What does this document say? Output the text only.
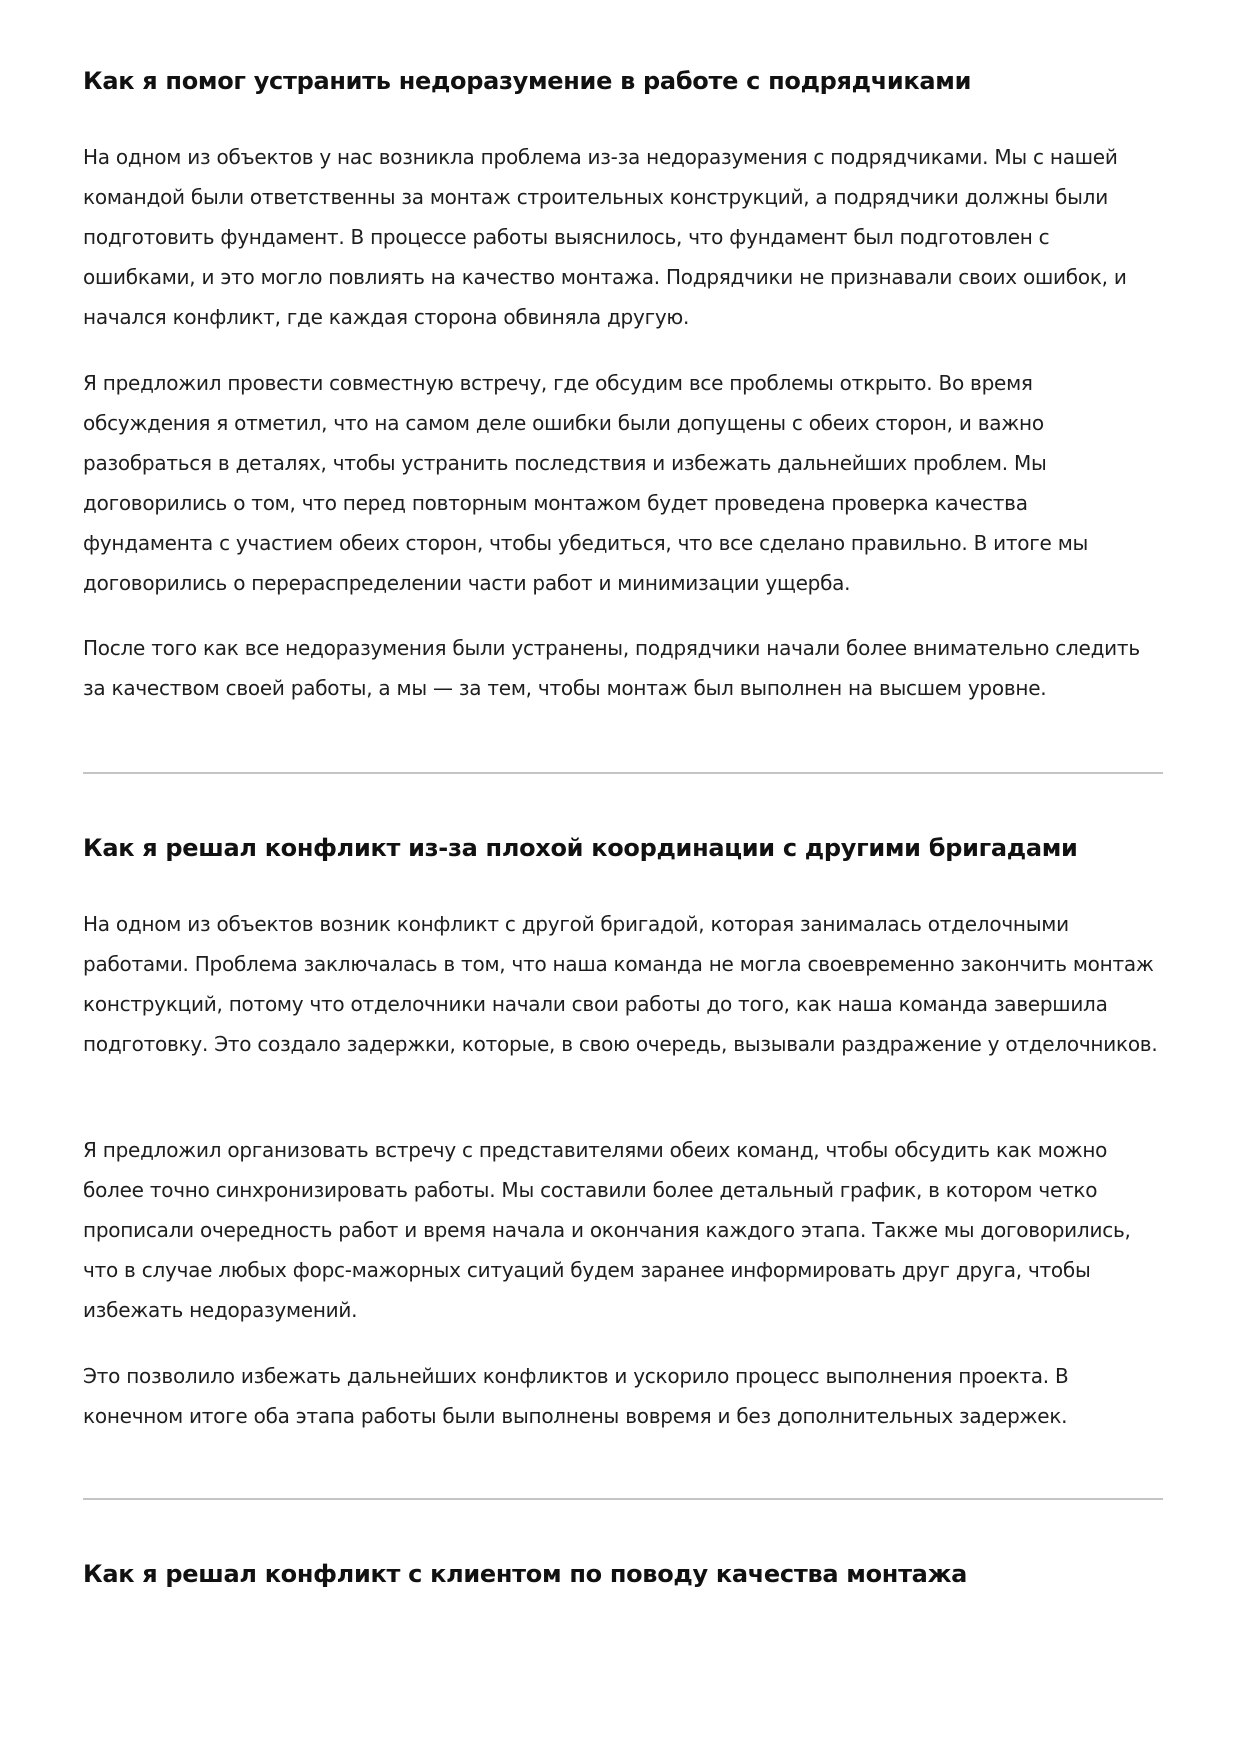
Как я помог устранить недоразумение в работе с подрядчиками

На одном из объектов у нас возникла проблема из-за недоразумения с подрядчиками. Мы с нашей командой были ответственны за монтаж строительных конструкций, а подрядчики должны были подготовить фундамент. В процессе работы выяснилось, что фундамент был подготовлен с ошибками, и это могло повлиять на качество монтажа. Подрядчики не признавали своих ошибок, и начался конфликт, где каждая сторона обвиняла другую.

Я предложил провести совместную встречу, где обсудим все проблемы открыто. Во время обсуждения я отметил, что на самом деле ошибки были допущены с обеих сторон, и важно разобраться в деталях, чтобы устранить последствия и избежать дальнейших проблем. Мы договорились о том, что перед повторным монтажом будет проведена проверка качества фундамента с участием обеих сторон, чтобы убедиться, что все сделано правильно. В итоге мы договорились о перераспределении части работ и минимизации ущерба.

После того как все недоразумения были устранены, подрядчики начали более внимательно следить за качеством своей работы, а мы — за тем, чтобы монтаж был выполнен на высшем уровне.

Как я решал конфликт из-за плохой координации с другими бригадами

На одном из объектов возник конфликт с другой бригадой, которая занималась отделочными работами. Проблема заключалась в том, что наша команда не могла своевременно закончить монтаж конструкций, потому что отделочники начали свои работы до того, как наша команда завершила подготовку. Это создало задержки, которые, в свою очередь, вызывали раздражение у отделочников.

Я предложил организовать встречу с представителями обеих команд, чтобы обсудить как можно более точно синхронизировать работы. Мы составили более детальный график, в котором четко прописали очередность работ и время начала и окончания каждого этапа. Также мы договорились, что в случае любых форс-мажорных ситуаций будем заранее информировать друг друга, чтобы избежать недоразумений.

Это позволило избежать дальнейших конфликтов и ускорило процесс выполнения проекта. В конечном итоге оба этапа работы были выполнены вовремя и без дополнительных задержек.

Как я решал конфликт с клиентом по поводу качества монтажа
